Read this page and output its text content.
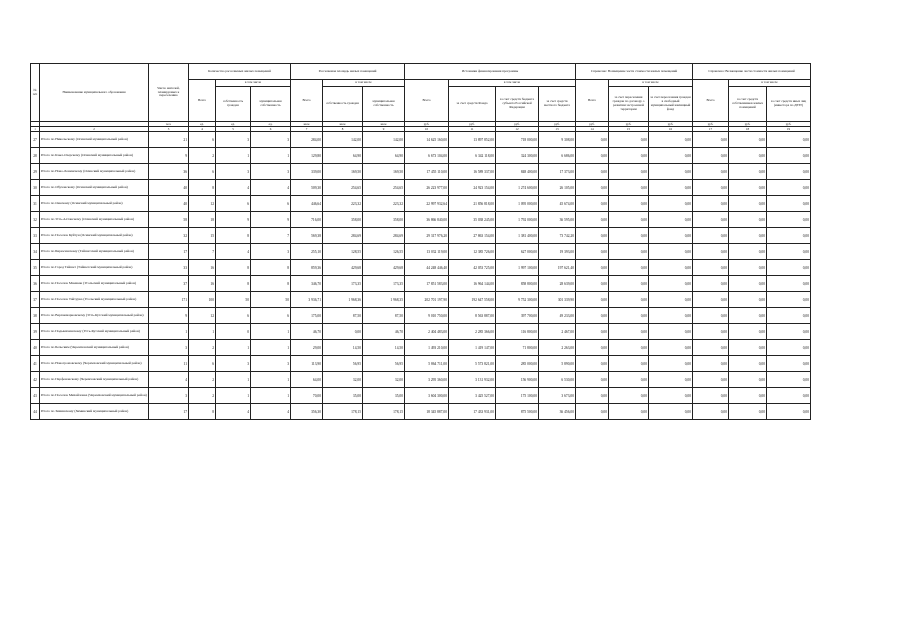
№ п/п	Наименование муниципального образования	Число жителей, планируемых к переселению	Количество расселяемых жилых помещений			Расселяемая площадь жилых помещений			Источники финансирования программы				Справочно: Возмещение части стоимости жилых помещений			Справочно: Возмещение части стоимости жилых помещений		
			Всего	в том числе		Всего	в том числе		Всего	в том числе			Всего	в том числе		Всего	в том числе	
				собственность граждан	муниципальная собственность		собственность граждан	муниципальная собственность		за счет средств Фонда	за счет средств бюджета субъекта Российской Федерации	за счет средств местного бюджета		за счет переселения граждан по договору о развитии застроенной территории	за счет переселения граждан в свободный муниципальный жилищный фонд		за счет средств собственников жилых помещений	за счет средств иных лиц (инвестора по ДРЗТ)
		чел.	ед.	ед.	ед.	кв.м	кв.м	кв.м	руб.	руб.	руб.	руб.	руб.	руб.	руб.	руб.	руб.	руб.
1	2	3	4	5	6	7	8	9	10	11	12	13	14	15	16	17	18	19
27	Итого по Никольскому (Осинский муниципальный район)	21	6	3	3	284,00	142,00	142,00	14 625 160,00	13 897 852,00	718 000,00	9 308,00	0,00	0,00	0,00	0,00	0,00	0,00
28	Итого по Кзыл-Озерскому (Осинский муниципальный район)	9	2	1	1	129,80	64,90	64,90	6 673 104,00	6 342 118,00	324 300,00	6 686,00	0,00	0,00	0,00	0,00	0,00	0,00
29	Итого по Ново-Ленинскому (Осинский муниципальный район)	36	6	3	3	339,00	169,50	169,50	17 455 110,00	16 589 337,00	848 400,00	17 373,00	0,00	0,00	0,00	0,00	0,00	0,00
30	Итого по Обуховскому (Осинский муниципальный район)	40	8	4	4	509,30	254,65	254,65	26 223 977,00	24 923 154,00	1 274 600,00	26 105,00	0,00	0,00	0,00	0,00	0,00	0,00
31	Итого по Оекскому (Осинский муниципальный район)	40	12	6	6	446,64	223,32	223,32	22 997 932,64	21 856 818,00	1 095 000,00	45 674,00	0,00	0,00	0,00	0,00	0,00	0,00
32	Итого по Усть-Алтанскому (Осинский муниципальный район)	58	18	9	9	716,00	358,00	358,00	36 866 840,00	35 038 245,00	1 792 000,00	36 595,00	0,00	0,00	0,00	0,00	0,00	0,00
33	Итого по Поселок Куйтун (Осинский муниципальный район)	32	15	8	7	569,38	284,69	284,69	29 317 976,20	27 863 154,00	1 381 400,00	73 742,20	0,00	0,00	0,00	0,00	0,00	0,00
34	Итого по Бирюсинскому (Тайшетский муниципальный район)	17	7	4	3	255,10	128,55	126,55	13 032 119,00	12 385 726,00	627 000,00	19 393,00	0,00	0,00	0,00	0,00	0,00	0,00
35	Итого по Город Тайшет (Тайшетский муниципальный район)	33	16	8	8	859,36	429,68	429,68	44 248 446,40	42 053 725,00	1 997 100,00	197 621,40	0,00	0,00	0,00	0,00	0,00	0,00
36	Итого по Поселок Мамакан (Усольский муниципальный район)	37	16	8	8	346,70	173,35	173,35	17 851 583,00	16 964 144,00	858 800,00	28 639,00	0,00	0,00	0,00	0,00	0,00	0,00
37	Итого по Поселок Тайтурка (Усольский муниципальный район)	171	100	50	50	3 936,71	1 968,36	1 968,35	202 701 197,90	192 647 558,00	9 752 300,00	301 339,90	0,00	0,00	0,00	0,00	0,00	0,00
38	Итого по Верхнемарковскому (Усть-Кутский муниципальный район)	9	12	6	6	175,00	87,50	87,50	9 010 750,00	8 563 887,00	397 700,00	49 233,00	0,00	0,00	0,00	0,00	0,00	0,00
39	Итого по Подымахинскому (Усть-Кутский муниципальный район)	1	1	0	1	46,70	0,00	46,70	2 404 483,00	2 285 366,00	116 800,00	2 467,00	0,00	0,00	0,00	0,00	0,00	0,00
40	Итого по Бельским (Черемховский муниципальный район)	3	2	1	1	29,00	14,50	14,50	1 493 210,00	1 419 147,00	71 800,00	2 263,00	0,00	0,00	0,00	0,00	0,00	0,00
41	Итого по Новогромовскому (Черемховский муниципальный район)	11	6	3	3	113,90	56,95	56,95	5 864 711,00	5 573 821,00	285 000,00	5 890,00	0,00	0,00	0,00	0,00	0,00	0,00
42	Итого по Парфеновскому (Черемховский муниципальный район)	4	2	1	1	64,00	32,00	32,00	3 295 360,00	3 131 932,00	156 900,00	6 530,00	0,00	0,00	0,00	0,00	0,00	0,00
43	Итого по Поселок Михайловка (Черемховский муниципальный район)	3	2	1	1	70,00	35,00	35,00	3 604 300,00	3 425 527,00	175 100,00	3 673,00	0,00	0,00	0,00	0,00	0,00	0,00
44	Итого по Зиминскому (Зиминский муниципальный район)	17	8	4	4	356,30	178,15	178,15	18 345 887,00	17 433 931,00	875 500,00	36 456,00	0,00	0,00	0,00	0,00	0,00	0,00
